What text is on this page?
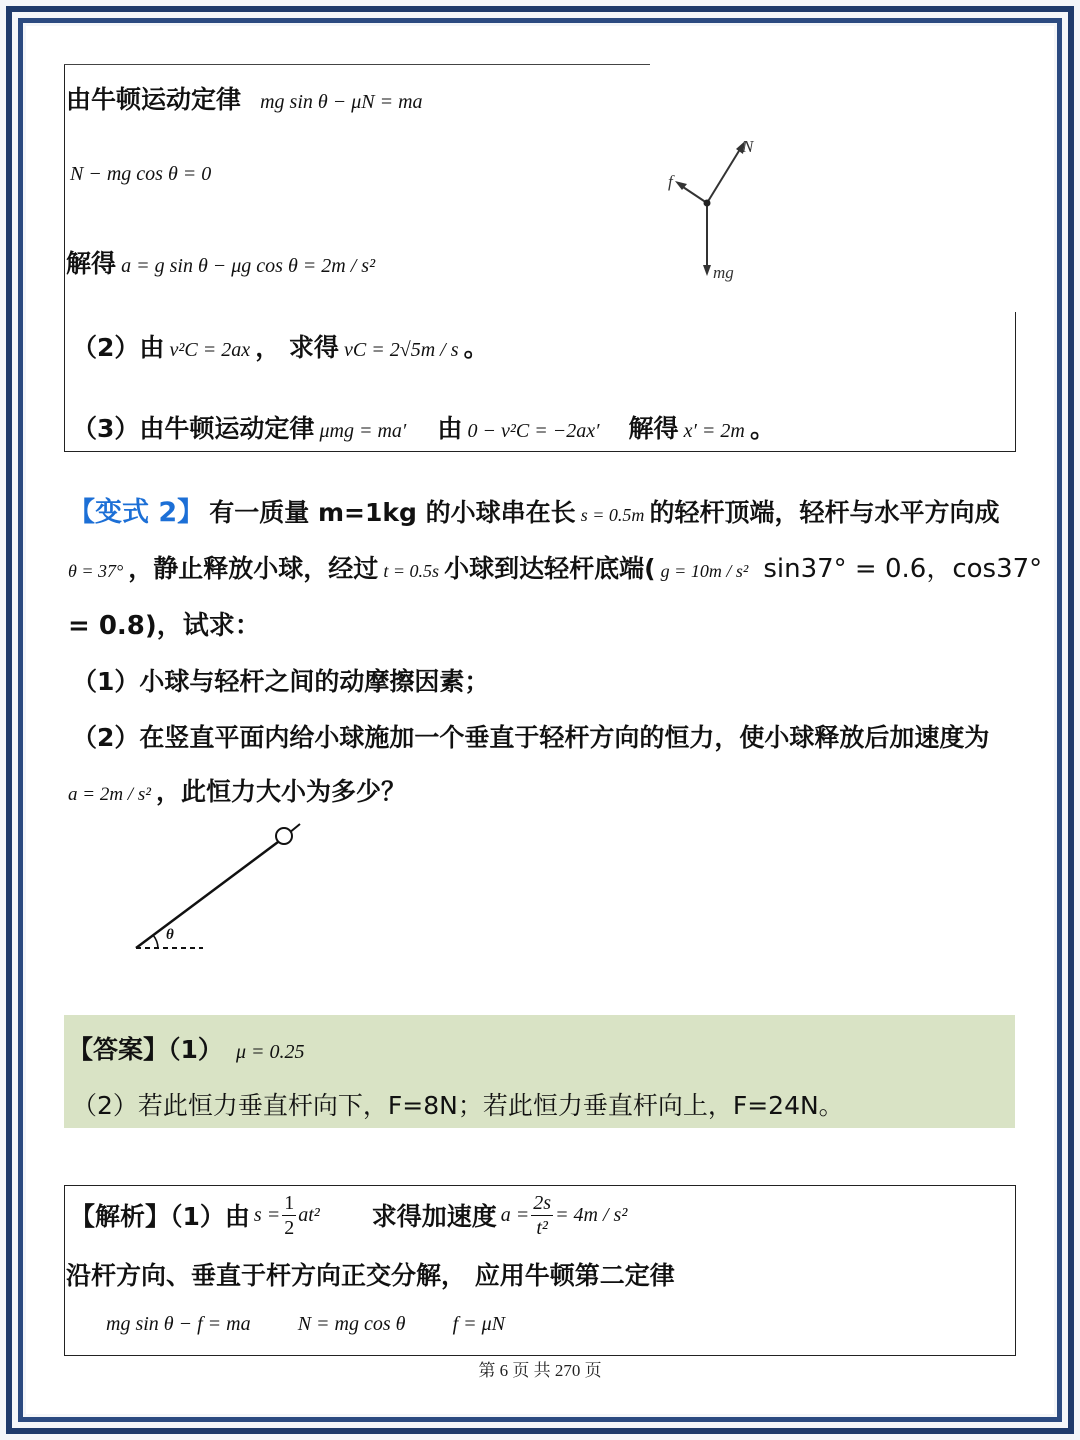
由牛顿运动定律 mg sin θ − μN = ma
N − mg cos θ = 0
解得 a = g sin θ − μg cos θ = 2m / s²
（2）由 v²C = 2ax ， 求得 vC = 2√5m / s 。
（3）由牛顿运动定律 μmg = ma′ 由 0 − v²C = −2ax′ 解得 x′ = 2m 。
N
f
mg
【变式 2】 有一质量 m=1kg 的小球串在长 s = 0.5m 的轻杆顶端，轻杆与水平方向成
θ = 37° ，静止释放小球，经过 t = 0.5s 小球到达轻杆底端( g = 10m / s² sin37° = 0.6，cos37°
= 0.8)，试求：
（1）小球与轻杆之间的动摩擦因素；
（2）在竖直平面内给小球施加一个垂直于轻杆方向的恒力，使小球释放后加速度为
a = 2m / s² ，此恒力大小为多少？
θ
【答案】（1） μ = 0.25
（2）若此恒力垂直杆向下，F=8N；若此恒力垂直杆向上，F=24N。
【解析】（1）由 $s = \frac{1}{2} at^2$ 求得加速度 $a = \frac{2s}{\text{t²}} = 4m / s^2$
沿杆方向、垂直于杆方向正交分解， 应用牛顿第二定律
mg sin θ − f = ma N = mg cos θ f = μN
第 6 页 共 270 页
